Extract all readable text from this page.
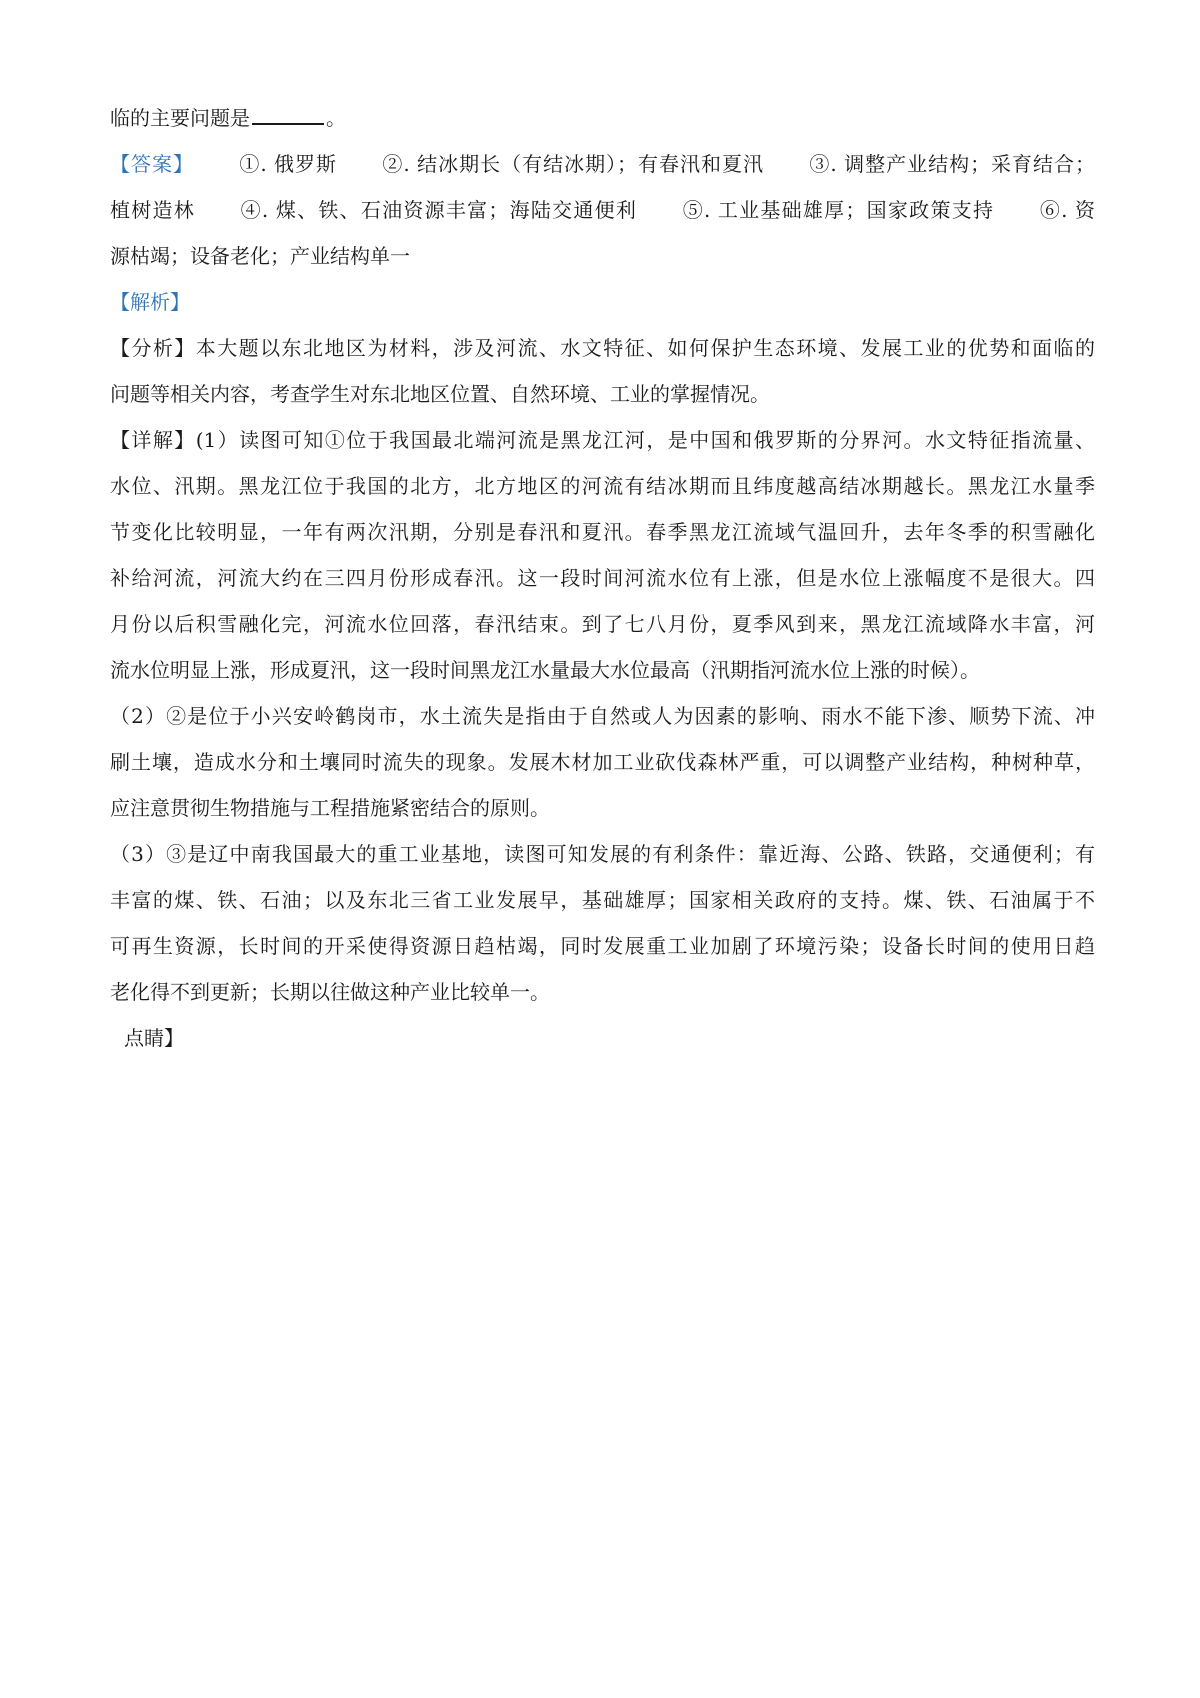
临的主要问题是	。
【答案】 ①. 俄罗斯 ②. 结冰期长（有结冰期）；有春汛和夏汛 ③. 调整产业结构；采育结合；
植树造林 ④. 煤、铁、石油资源丰富；海陆交通便利 ⑤. 工业基础雄厚；国家政策支持 ⑥. 资
源枯竭；设备老化；产业结构单一
【解析】
【分析】本大题以东北地区为材料，涉及河流、水文特征、如何保护生态环境、发展工业的优势和面临的
问题等相关内容，考查学生对东北地区位置、自然环境、工业的掌握情况。
【详解】(1）读图可知①位于我国最北端河流是黑龙江河，是中国和俄罗斯的分界河。水文特征指流量、
水位、汛期。黑龙江位于我国的北方，北方地区的河流有结冰期而且纬度越高结冰期越长。黑龙江水量季
节变化比较明显，一年有两次汛期，分别是春汛和夏汛。春季黑龙江流域气温回升，去年冬季的积雪融化
补给河流，河流大约在三四月份形成春汛。这一段时间河流水位有上涨，但是水位上涨幅度不是很大。四
月份以后积雪融化完，河流水位回落，春汛结束。到了七八月份，夏季风到来，黑龙江流域降水丰富，河
流水位明显上涨，形成夏汛，这一段时间黑龙江水量最大水位最高（汛期指河流水位上涨的时候）。
（2）②是位于小兴安岭鹤岗市，水土流失是指由于自然或人为因素的影响、雨水不能下渗、顺势下流、冲
刷土壤，造成水分和土壤同时流失的现象。发展木材加工业砍伐森林严重，可以调整产业结构，种树种草，
应注意贯彻生物措施与工程措施紧密结合的原则。
（3）③是辽中南我国最大的重工业基地，读图可知发展的有利条件：靠近海、公路、铁路，交通便利；有
丰富的煤、铁、石油；以及东北三省工业发展早，基础雄厚；国家相关政府的支持。煤、铁、石油属于不
可再生资源，长时间的开采使得资源日趋枯竭，同时发展重工业加剧了环境污染；设备长时间的使用日趋
老化得不到更新；长期以往做这种产业比较单一。
点睛】
